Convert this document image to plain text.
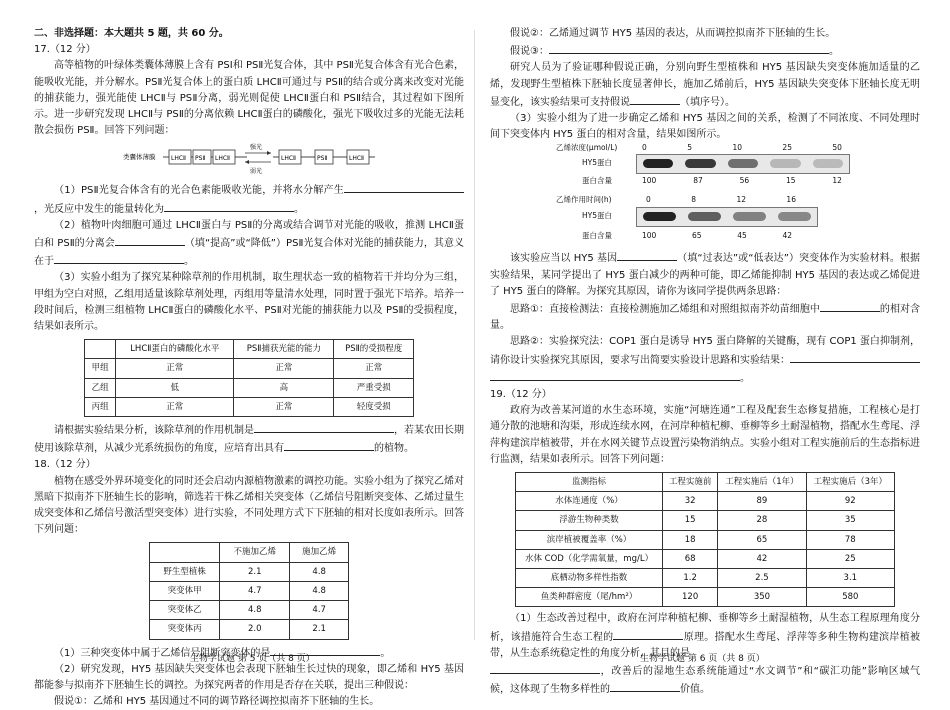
二、非选择题：本大题共 5 题，共 60 分。

17.（12 分）

高等植物的叶绿体类囊体薄膜上含有 PSⅠ和 PSⅡ光复合体，其中 PSⅡ光复合体含有光合色素，能吸收光能，并分解水。PSⅡ光复合体上的蛋白质 LHCⅡ可通过与 PSⅡ的结合或分离来改变对光能的捕获能力，强光能使 LHCⅡ与 PSⅡ分离，弱光则促使 LHCⅡ蛋白和 PSⅡ结合，其过程如下图所示。进一步研究发现 LHCⅡ与 PSⅡ的分离依赖 LHCⅡ蛋白的磷酸化，强光下吸收过多的光能无法耗散会损伤 PSⅡ。回答下列问题：

类囊体薄膜	LHCⅡ PSⅡ LHCⅡ
强光
弱光
LHCⅡ	PSⅡ	LHCⅡ

（1）PSⅡ光复合体含有的光合色素能吸收光能，并将水分解产生，光反应中发生的能量转化为	。

（2）植物叶肉细胞可通过 LHCⅡ蛋白与 PSⅡ的分离或结合调节对光能的吸收，推测 LHCⅡ蛋白和 PSⅡ的分离会	（填“提高”或“降低”）PSⅡ光复合体对光能的捕获能力，其意义在于	。

（3）实验小组为了探究某种除草剂的作用机制，取生理状态一致的植物若干并均分为三组，甲组为空白对照，乙组用适量该除草剂处理，丙组用等量清水处理，同时置于强光下培养。培养一段时间后，检测三组植物 LHCⅡ蛋白的磷酸化水平、PSⅡ对光能的捕获能力以及 PSⅡ的受损程度，结果如表所示。

	LHCⅡ蛋白的磷酸化水平	PSⅡ捕获光能的能力	PSⅡ的受损程度
甲组	正常	正常	正常
乙组	低	高	严重受损
丙组	正常	正常	轻度受损

请根据实验结果分析，该除草剂的作用机制是	，若某农田长期使用该除草剂，从减少光系统损伤的角度，应培育出具有	的植物。

18.（12 分）

植物在感受外界环境变化的同时还会启动内源植物激素的调控功能。实验小组为了探究乙烯对黑暗下拟南芥下胚轴生长的影响，筛选若干株乙烯相关突变体（乙烯信号阻断突变体、乙烯过量生成突变体和乙烯信号激活型突变体）进行实验，不同处理方式下下胚轴的相对长度如表所示。回答下列问题：

	不施加乙烯	施加乙烯
野生型植株	2.1	4.8
突变体甲	4.7	4.8
突变体乙	4.8	4.7
突变体丙	2.0	2.1

（1）三种突变体中属于乙烯信号阻断突变体的是	。

（2）研究发现，HY5 基因缺失突变体也会表现下胚轴生长过快的现象，即乙烯和 HY5 基因都能参与拟南芥下胚轴生长的调控。为探究两者的作用是否存在关联，提出三种假说：

假说①：乙烯和 HY5 基因通过不同的调节路径调控拟南芥下胚轴的生长。

假说②：乙烯通过调节 HY5 基因的表达，从而调控拟南芥下胚轴的生长。

假说③：	。

研究人员为了验证哪种假说正确，分别向野生型植株和 HY5 基因缺失突变体施加适量的乙烯，发现野生型植株下胚轴长度显著伸长，施加乙烯前后，HY5 基因缺失突变体下胚轴长度无明显变化，该实验结果可支持假说	（填序号）。

（3）实验小组为了进一步确定乙烯和 HY5 基因之间的关系，检测了不同浓度、不同处理时间下突变体内 HY5 蛋白的相对含量，结果如图所示。

乙烯浓度(μmol/L)	0	5	10	25	50
HY5蛋白
蛋白含量	100	87	56	15	12
乙烯作用时间(h)	0	8	12	16
HY5蛋白
蛋白含量	100	65	45	42

该实验应当以 HY5 基因	（填“过表达”或“低表达”）突变体作为实验材料。根据实验结果，某同学提出了 HY5 蛋白减少的两种可能，即乙烯能抑制 HY5 基因的表达或乙烯促进了 HY5 蛋白的降解。为探究其原因，请你为该同学提供两条思路：

思路①：直接检测法：直接检测施加乙烯组和对照组拟南芥幼苗细胞中	的相对含量。

思路②：实验探究法：COP1 蛋白是诱导 HY5 蛋白降解的关键酶，现有 COP1 蛋白抑制剂，请你设计实验探究其原因，要求写出简要实验设计思路和实验结果：

。

19.（12 分）

政府为改善某河道的水生态环境，实施“河塘连通”工程及配套生态修复措施，工程核心是打通分散的池塘和沟渠，形成连续水网，在河岸种植杞柳、垂柳等乡土耐湿植物，搭配水生鸢尾、浮萍构建滨岸植被带，并在水网关键节点设置污染物消纳点。实验小组对工程实施前后的生态指标进行监测，结果如表所示。回答下列问题：

监测指标	工程实施前	工程实施后（1年）	工程实施后（3年）
水体连通度（%）	32	89	92
浮游生物种类数	15	28	35
滨岸植被覆盖率（%）	18	65	78
水体 COD（化学需氧量，mg/L）	68	42	25
底栖动物多样性指数	1.2	2.5	3.1
鱼类种群密度（尾/hm²）	120	350	580

（1）生态改善过程中，政府在河岸种植杞柳、垂柳等乡土耐湿植物，从生态工程原理角度分析，该措施符合生态工程的	原理。搭配水生鸢尾、浮萍等多种生物构建滨岸植被带，从生态系统稳定性的角度分析，其目的是

，改善后的湿地生态系统能通过“水文调节”和“碳汇功能”影响区域气候，这体现了生物多样性的	价值。

生物学试题 第 5 页（共 8 页）	生物学试题 第 6 页（共 8 页）
